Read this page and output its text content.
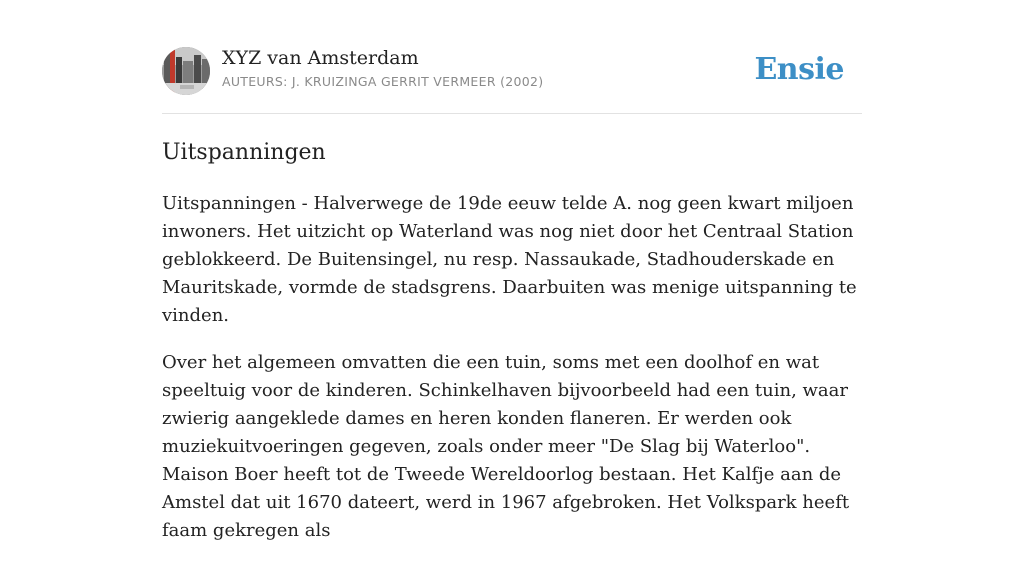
XYZ van Amsterdam
AUTEURS: J. KRUIZINGA GERRIT VERMEER (2002)	Ensie
Uitspanningen

Uitspanningen - Halverwege de 19de eeuw telde A. nog geen kwart miljoen inwoners. Het uitzicht op Waterland was nog niet door het Centraal Station geblokkeerd. De Buitensingel, nu resp. Nassaukade, Stadhouderskade en Mauritskade, vormde de stadsgrens. Daarbuiten was menige uitspanning te vinden.

Over het algemeen omvatten die een tuin, soms met een doolhof en wat speeltuig voor de kinderen. Schinkelhaven bijvoorbeeld had een tuin, waar zwierig aangeklede dames en heren konden flaneren. Er werden ook muziekuitvoeringen gegeven, zoals onder meer "De Slag bij Waterloo". Maison Boer heeft tot de Tweede Wereldoorlog bestaan. Het Kalfje aan de Amstel dat uit 1670 dateert, werd in 1967 afgebroken. Het Volkspark heeft faam gekregen als
